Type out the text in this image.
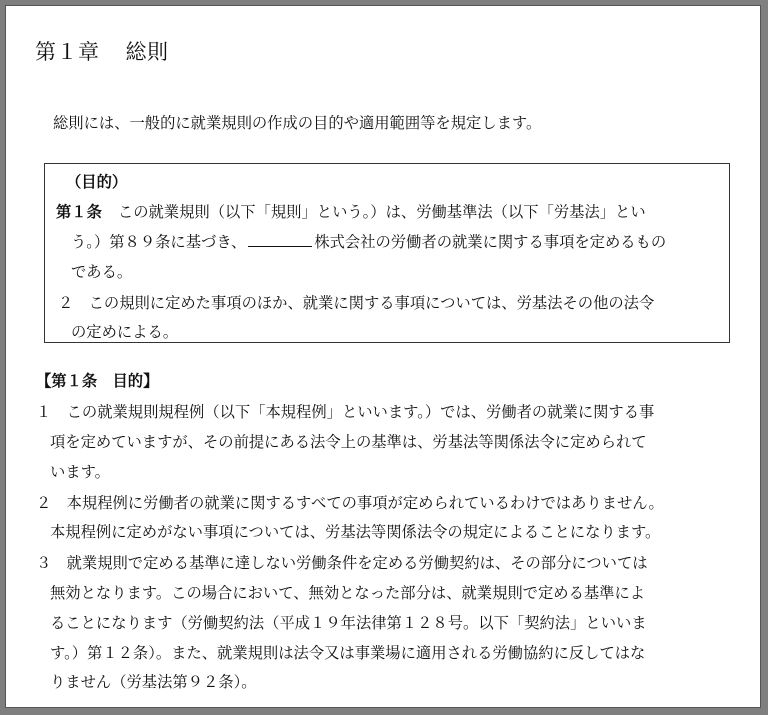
第１章 総則

総則には、一般的に就業規則の作成の目的や適用範囲等を規定します。

（目的）
第１条 この就業規則（以下「規則」という。）は、労働基準法（以下「労基法」とい
う。）第８９条に基づき、	株式会社の労働者の就業に関する事項を定めるもの
である。
２　この規則に定めた事項のほか、就業に関する事項については、労基法その他の法令
の定めによる。
【第１条　目的】
１　この就業規則規程例（以下「本規程例」といいます。）では、労働者の就業に関する事
項を定めていますが、その前提にある法令上の基準は、労基法等関係法令に定められて
います。
２　本規程例に労働者の就業に関するすべての事項が定められているわけではありません。
本規程例に定めがない事項については、労基法等関係法令の規定によることになります。
３　就業規則で定める基準に達しない労働条件を定める労働契約は、その部分については
無効となります。この場合において、無効となった部分は、就業規則で定める基準によ
ることになります（労働契約法（平成１９年法律第１２８号。以下「契約法」といいま
す。）第１２条）。また、就業規則は法令又は事業場に適用される労働協約に反してはな
りません（労基法第９２条）。
